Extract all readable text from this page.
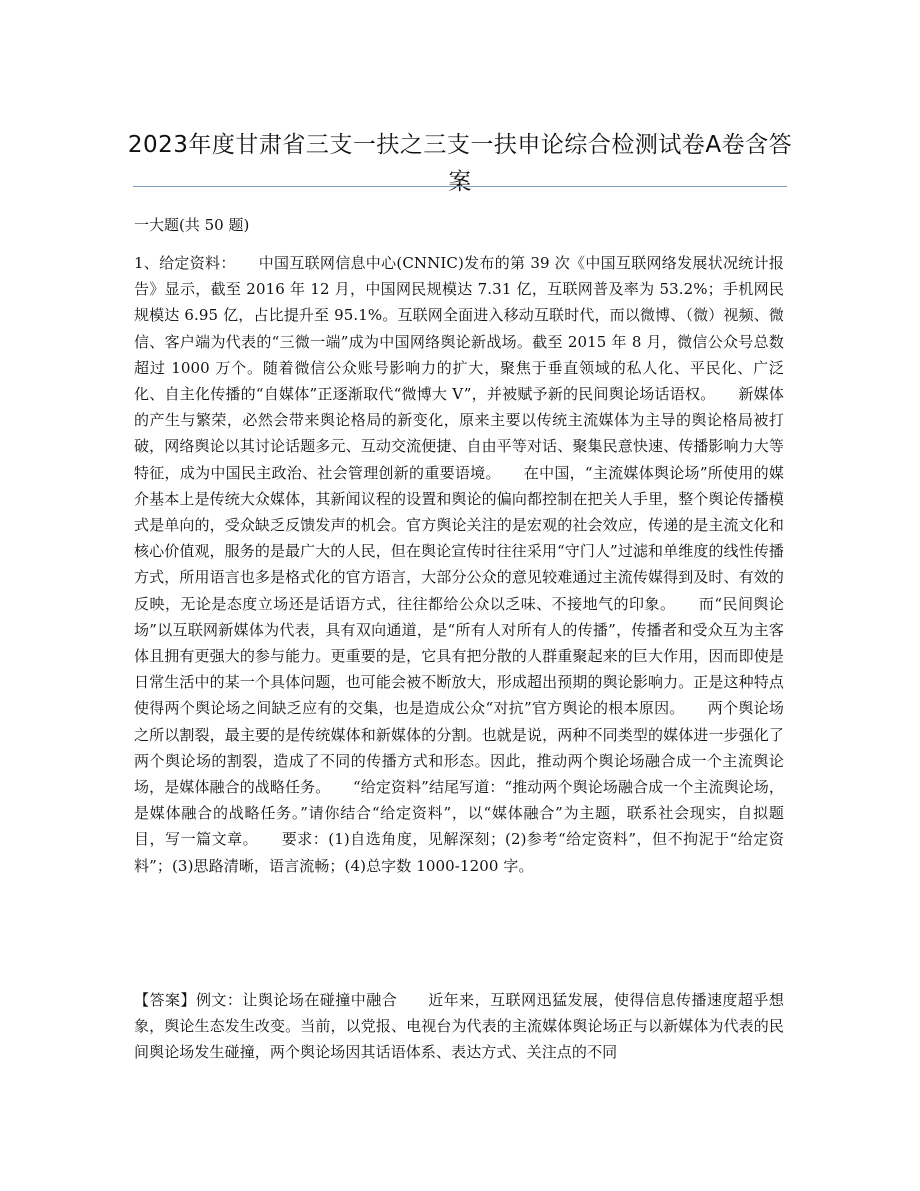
2023年度甘肃省三支一扶之三支一扶申论综合检测试卷A卷含答案
一大题(共 50 题)

1、给定资料：　　中国互联网信息中心(CNNIC)发布的第 39 次《中国互联网络发展状况统计报告》显示，截至 2016 年 12 月，中国网民规模达 7.31 亿，互联网普及率为 53.2%；手机网民规模达 6.95 亿，占比提升至 95.1%。互联网全面进入移动互联时代，而以微博、（微）视频、微信、客户端为代表的“三微一端”成为中国网络舆论新战场。截至 2015 年 8 月，微信公众号总数超过 1000 万个。随着微信公众账号影响力的扩大，聚焦于垂直领域的私人化、平民化、广泛化、自主化传播的“自媒体”正逐渐取代“微博大 V”，并被赋予新的民间舆论场话语权。　　新媒体的产生与繁荣，必然会带来舆论格局的新变化，原来主要以传统主流媒体为主导的舆论格局被打破，网络舆论以其讨论话题多元、互动交流便捷、自由平等对话、聚集民意快速、传播影响力大等特征，成为中国民主政治、社会管理创新的重要语境。　　在中国，“主流媒体舆论场”所使用的媒介基本上是传统大众媒体，其新闻议程的设置和舆论的偏向都控制在把关人手里，整个舆论传播模式是单向的，受众缺乏反馈发声的机会。官方舆论关注的是宏观的社会效应，传递的是主流文化和核心价值观，服务的是最广大的人民，但在舆论宣传时往往采用“守门人”过滤和单维度的线性传播方式，所用语言也多是格式化的官方语言，大部分公众的意见较难通过主流传媒得到及时、有效的反映，无论是态度立场还是话语方式，往往都给公众以乏味、不接地气的印象。　　而“民间舆论场”以互联网新媒体为代表，具有双向通道，是“所有人对所有人的传播”，传播者和受众互为主客体且拥有更强大的参与能力。更重要的是，它具有把分散的人群重聚起来的巨大作用，因而即使是日常生活中的某一个具体问题，也可能会被不断放大，形成超出预期的舆论影响力。正是这种特点使得两个舆论场之间缺乏应有的交集，也是造成公众“对抗”官方舆论的根本原因。　　两个舆论场之所以割裂，最主要的是传统媒体和新媒体的分割。也就是说，两种不同类型的媒体进一步强化了两个舆论场的割裂，造成了不同的传播方式和形态。因此，推动两个舆论场融合成一个主流舆论场，是媒体融合的战略任务。　　“给定资料”结尾写道：“推动两个舆论场融合成一个主流舆论场，是媒体融合的战略任务。”请你结合“给定资料”，以“媒体融合”为主题，联系社会现实，自拟题目，写一篇文章。　　要求：(1)自选角度，见解深刻；(2)参考“给定资料”，但不拘泥于“给定资料”；(3)思路清晰，语言流畅；(4)总字数 1000-1200 字。

【答案】例文：让舆论场在碰撞中融合　　近年来，互联网迅猛发展，使得信息传播速度超乎想象，舆论生态发生改变。当前，以党报、电视台为代表的主流媒体舆论场正与以新媒体为代表的民间舆论场发生碰撞，两个舆论场因其话语体系、表达方式、关注点的不同
